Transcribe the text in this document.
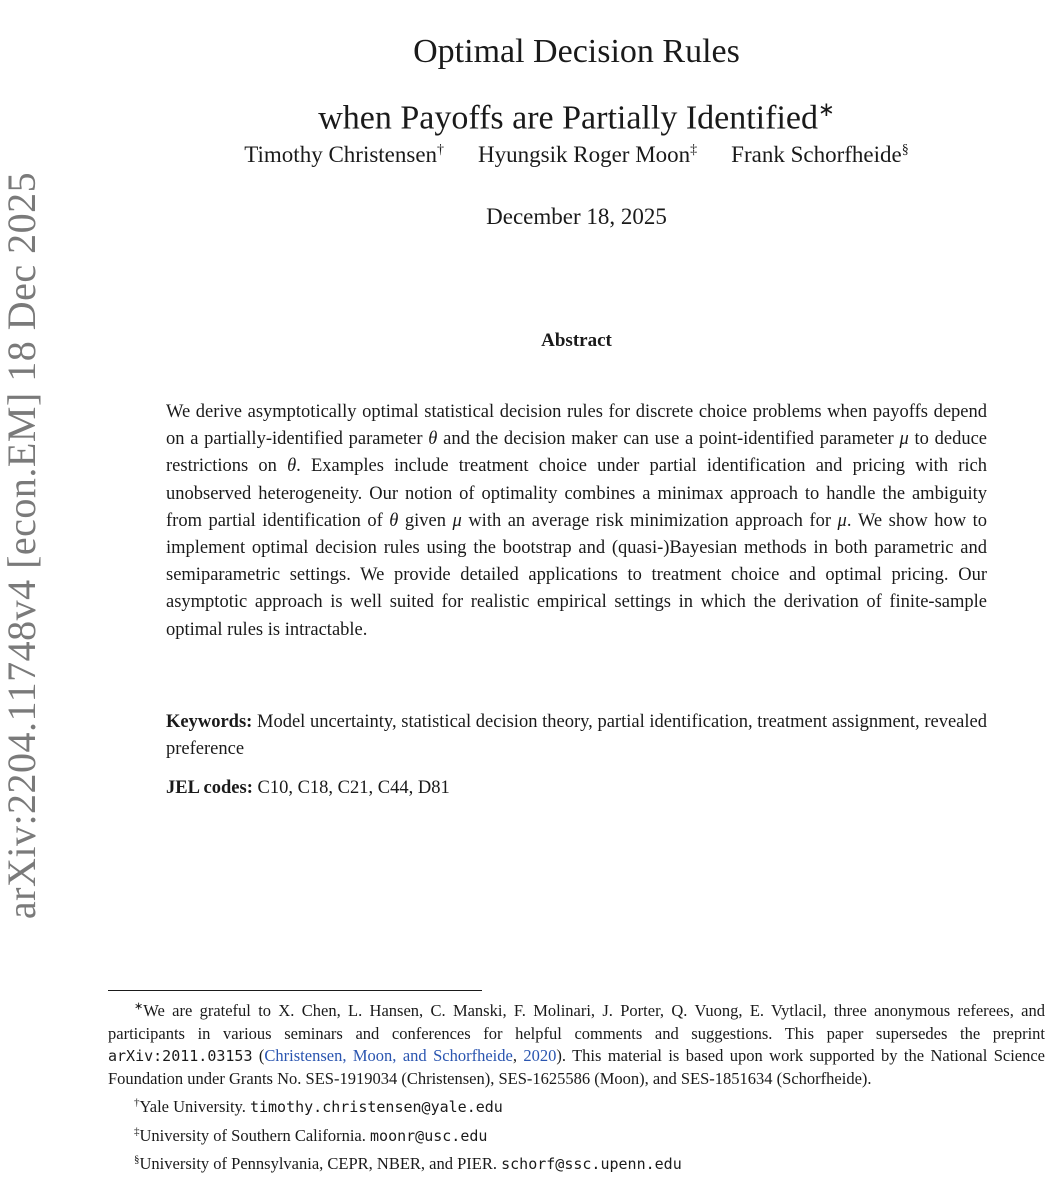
arXiv:2204.11748v4 [econ.EM] 18 Dec 2025
Optimal Decision Rules
when Payoffs are Partially Identified∗
Timothy Christensen† Hyungsik Roger Moon‡ Frank Schorfheide§
December 18, 2025
Abstract

We derive asymptotically optimal statistical decision rules for discrete choice problems when payoffs depend on a partially-identified parameter θ and the decision maker can use a point-identified parameter μ to deduce restrictions on θ. Examples include treatment choice under partial identification and pricing with rich unobserved heterogeneity. Our notion of optimality combines a minimax approach to handle the ambiguity from partial identification of θ given μ with an average risk minimization approach for μ. We show how to implement optimal decision rules using the bootstrap and (quasi-)Bayesian methods in both parametric and semiparametric settings. We provide detailed applications to treatment choice and optimal pricing. Our asymptotic approach is well suited for realistic empirical settings in which the derivation of finite-sample optimal rules is intractable.

Keywords: Model uncertainty, statistical decision theory, partial identification, treatment assignment, revealed preference

JEL codes: C10, C18, C21, C44, D81

∗We are grateful to X. Chen, L. Hansen, C. Manski, F. Molinari, J. Porter, Q. Vuong, E. Vytlacil, three anonymous referees, and participants in various seminars and conferences for helpful comments and suggestions. This paper supersedes the preprint arXiv:2011.03153 (Christensen, Moon, and Schorfheide, 2020). This material is based upon work supported by the National Science Foundation under Grants No. SES-1919034 (Christensen), SES-1625586 (Moon), and SES-1851634 (Schorfheide).

†Yale University. timothy.christensen@yale.edu

‡University of Southern California. moonr@usc.edu

§University of Pennsylvania, CEPR, NBER, and PIER. schorf@ssc.upenn.edu
